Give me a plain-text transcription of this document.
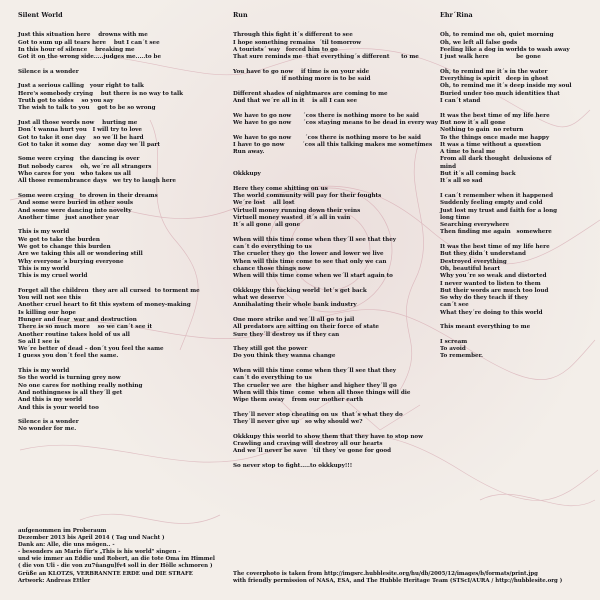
Silent World
Just this situation here    drowns with me
Got to sum up all tears here    but I can´t see
In this hour of silence    breaking me
Got it on the wrong side.....judges me.....to be
Silence is a wonder
Just a serious calling   your right to talk
Here's somebody crying    but there is no way to talk
Truth got to sides    so you say
The wish to talk to you    got to be so wrong
Just all those words now    hurting me
Don´t wanna hurt you   I will try to love
Got to take it one day    so we´ll be hard
Got to take it some day    some day we´ll part
Some were crying   the dancing is over
But nobody cares    oh, we´re all strangers
Who cares for you   who takes us all
All those remembrance days   we try to laugh here
Some were crying   to drown in their dreams
And some were buried in other souls
And some were dancing into novelty
Another time   just another year
This is my world
We got to take the burden
We got to change this burden
Are we taking this all or wondering still
Why everyone´s burying everyone
This is my world
This is my cruel world
Forget all the children  they are all cursed  to torment me
You will not see this
Another cruel heart to fit this system of money-making
Is killing our hope
Hunger and fear  war and destruction
There is so much more    so we can´t see it
Another routine takes hold of us all
So all I see is
We´re better of dead – don´t you feel the same
I guess you don´t feel the same.
This is my world
So the world is turning grey now
No one cares for nothing really nothing
And nothingness is all they´ll get
And this is my world
And this is your world too
Silence is a wonder
No wonder for me.
Run
Through this fight it´s different to see
I hope something remains  ´til tomorrow
A tourists´ way   forced him to go
That sure reminds me  that everything´s different      to me
You have to go now    if time is on your side
if nothing more is to be said
Different shades of nightmares are coming to me
And that we´re all in it    is all I can see
We have to go now      ´cos there is nothing more to be said
We have to go now      ´cos staying means to be dead in every way
We have to go now       ´cos there is nothing more to be said
I have to go now         ´cos all this talking makes me sometimes
Run away.
Okkkupy
Here they come shitting on us
The world community will pay for their foughts
We´re lost    all lost
Virtuell money running down their veins
Virtuell money wasted  it´s all in vain
It´s all gone  all gone
When will this time come when they´ll see that they
can´t do everything to us
The crueler they go  the lower and lower we live
When will this time come to see that only we can
chance those things now
When will this time come when we´ll start again to
Okkkupy this fucking world  let´s get back
what we deserve
Annihalating their whole bank industry
One more strike and we´ll all go to jail
All predators are sitting on their force of state
Sure they´ll destroy us if they can
They still got the power
Do you think they wanna change
When will this time come when they´ll see that they
can´t do everything to us
The crueler we are  the higher and higher they´ll go
When will this time  come  when all those things will die
Wipe them away    from our mother earth
They´ll never stop cheating on us  that´s what they do
They´ll never give up   so why should we?
Okkkupy this world to show them that they have to stop now
Crawling and craving will destroy all our hearts
And we´ll never be save  ´til they´ve gone for good
So never stop to fight.....to okkkupy!!!
Ehr´Rina
Oh, to remind me oh, quiet morning
Oh, we left all false gods
Feeling like a dog in worlds to wash away
I just walk here              be gone
Oh, to remind me it´s in the water
Everything is spirit   deep in ghost
Oh, to remind me it´s deep inside my soul
Buried under too much identities that
I can´t stand
It was the best time of my life here
But now it´s all gone
Nothing to gain  no return
To the things once made me happy
It was a time without a question
A time to heal me
From all dark thought  delusions of
mind
But it´s all coming back
It´s all so sad
I can´t remember when it happened
Suddenly feeling empty and cold
Just lost my trust and faith for a long
long time
Searching everywhere
Then finding me again   somewhere
It was the best time of my life here
But they didn´t understand
Destroyed everything
Oh, beautiful heart
Why you´re so weak and distorted
I never wanted to listen to them
But their words are much too loud
So why do they teach if they
can´t see
What they´re doing to this world
This meant everything to me
I scream
To avoid
To remember.
aufgenommen im Proberaum
Dezember 2013 bis April 2014 ( Tag und Nacht )
Dank an: Alle, die uns mögen.. -
- besonders an Mario für's „This is his world" singen -
und wie immer an Eddie und Robert, an die tote Oma im Himmel
( die von Uli - die von zu7ûangu]fv4 soll in der Hölle schmoren )
Grüße an KLOTZS, VERBRANNTE ERDE und DIE STRAFE
Artwork: Andreas Ettler
The coverphoto is taken from http://imgsrc.hubblesite.org/hu/db/2005/12/images/b/formats/print.jpg
with friendly permission of NASA, ESA, and The Hubble Heritage Team (STScI/AURA / http://hubblesite.org )
